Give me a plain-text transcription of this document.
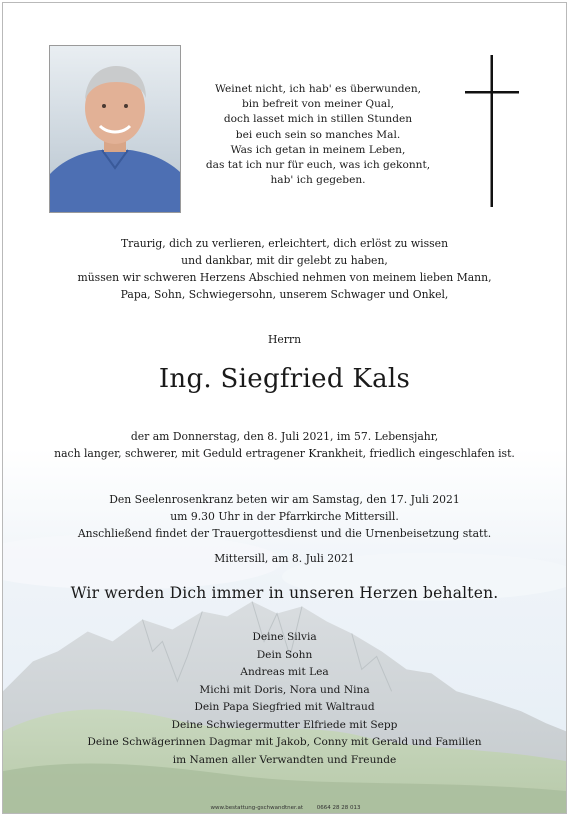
Weinet nicht, ich hab' es überwunden,
bin befreit von meiner Qual,
doch lasset mich in stillen Stunden
bei euch sein so manches Mal.
Was ich getan in meinem Leben,
das tat ich nur für euch, was ich gekonnt,
hab' ich gegeben.
Traurig, dich zu verlieren, erleichtert, dich erlöst zu wissen
und dankbar, mit dir gelebt zu haben,
müssen wir schweren Herzens Abschied nehmen von meinem lieben Mann,
Papa, Sohn, Schwiegersohn, unserem Schwager und Onkel,
Herrn
Ing. Siegfried Kals
der am Donnerstag, den 8. Juli 2021, im 57. Lebensjahr,
nach langer, schwerer, mit Geduld ertragener Krankheit, friedlich eingeschlafen ist.
Den Seelenrosenkranz beten wir am Samstag, den 17. Juli 2021
um 9.30 Uhr in der Pfarrkirche Mittersill.
Anschließend findet der Trauergottesdienst und die Urnenbeisetzung statt.
Mittersill, am 8. Juli 2021
Wir werden Dich immer in unseren Herzen behalten.
Deine Silvia
Dein Sohn
Andreas mit Lea
Michi mit Doris, Nora und Nina
Dein Papa Siegfried mit Waltraud
Deine Schwiegermutter Elfriede mit Sepp
Deine Schwägerinnen Dagmar mit Jakob, Conny mit Gerald und Familien
im Namen aller Verwandten und Freunde
www.bestattung-gschwandtner.at	0664 28 28 013
